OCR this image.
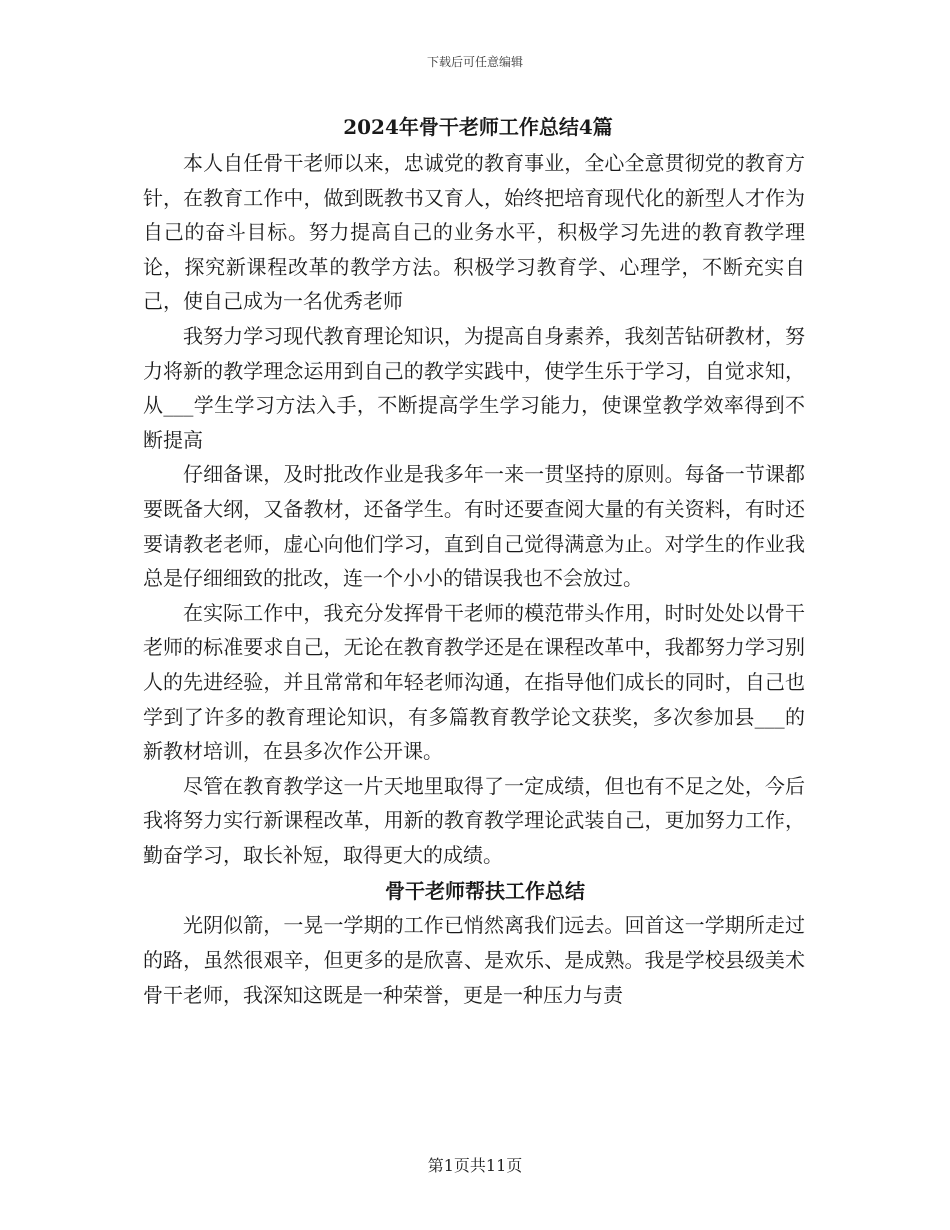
下载后可任意编辑
2024年骨干老师工作总结4篇

本人自任骨干老师以来，忠诚党的教育事业，全心全意贯彻党的教育方针，在教育工作中，做到既教书又育人，始终把培育现代化的新型人才作为自己的奋斗目标。努力提高自己的业务水平，积极学习先进的教育教学理论，探究新课程改革的教学方法。积极学习教育学、心理学，不断充实自己，使自己成为一名优秀老师

我努力学习现代教育理论知识，为提高自身素养，我刻苦钻研教材，努力将新的教学理念运用到自己的教学实践中，使学生乐于学习，自觉求知，从___学生学习方法入手，不断提高学生学习能力，使课堂教学效率得到不断提高

仔细备课，及时批改作业是我多年一来一贯坚持的原则。每备一节课都要既备大纲，又备教材，还备学生。有时还要查阅大量的有关资料，有时还要请教老老师，虚心向他们学习，直到自己觉得满意为止。对学生的作业我总是仔细细致的批改，连一个小小的错误我也不会放过。

在实际工作中，我充分发挥骨干老师的模范带头作用，时时处处以骨干老师的标准要求自己，无论在教育教学还是在课程改革中，我都努力学习别人的先进经验，并且常常和年轻老师沟通，在指导他们成长的同时，自己也学到了许多的教育理论知识，有多篇教育教学论文获奖，多次参加县___的新教材培训，在县多次作公开课。

尽管在教育教学这一片天地里取得了一定成绩，但也有不足之处，今后我将努力实行新课程改革，用新的教育教学理论武装自己，更加努力工作，勤奋学习，取长补短，取得更大的成绩。

骨干老师帮扶工作总结

光阴似箭，一晃一学期的工作已悄然离我们远去。回首这一学期所走过的路，虽然很艰辛，但更多的是欣喜、是欢乐、是成熟。我是学校县级美术骨干老师，我深知这既是一种荣誉，更是一种压力与责

第1页共11页
